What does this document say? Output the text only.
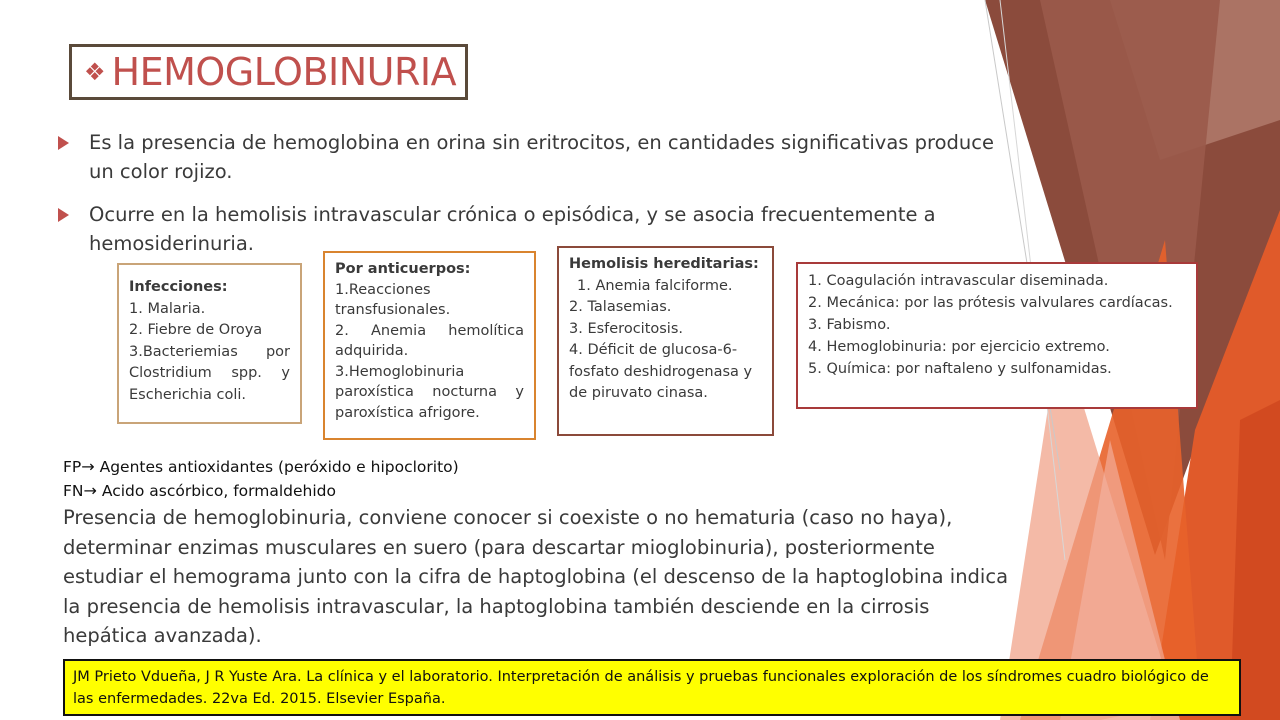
❖ HEMOGLOBINURIA
Es la presencia de hemoglobina en orina sin eritrocitos, en cantidades significativas produce un color rojizo.
Ocurre en la hemolisis intravascular crónica o episódica, y se asocia frecuentemente a hemosiderinuria.
Infecciones:
1. Malaria.
2. Fiebre de Oroya
3.Bacteriemias por Clostridium spp. y Escherichia coli.
Por anticuerpos:
1.Reacciones transfusionales.
2. Anemia hemolítica adquirida.
3.Hemoglobinuria paroxística nocturna y paroxística afrigore.
Hemolisis hereditarias:
1. Anemia falciforme.
2. Talasemias.
3. Esferocitosis.
4. Déficit de glucosa-6-fosfato deshidrogenasa y de piruvato cinasa.
1. Coagulación intravascular diseminada.
2. Mecánica: por las prótesis valvulares cardíacas.
3. Fabismo.
4. Hemoglobinuria: por ejercicio extremo.
5. Química: por naftaleno y sulfonamidas.
FP→ Agentes antioxidantes (peróxido e hipoclorito)
FN→ Acido ascórbico, formaldehido
Presencia de hemoglobinuria, conviene conocer si coexiste o no hematuria (caso no haya), determinar enzimas musculares en suero (para descartar mioglobinuria), posteriormente estudiar el hemograma junto con la cifra de haptoglobina (el descenso de la haptoglobina indica la presencia de hemolisis intravascular, la haptoglobina también desciende en la cirrosis hepática avanzada).
JM Prieto Vdueña, J R Yuste Ara. La clínica y el laboratorio. Interpretación de análisis y pruebas funcionales exploración de los síndromes cuadro biológico de las enfermedades. 22va Ed. 2015. Elsevier España.
